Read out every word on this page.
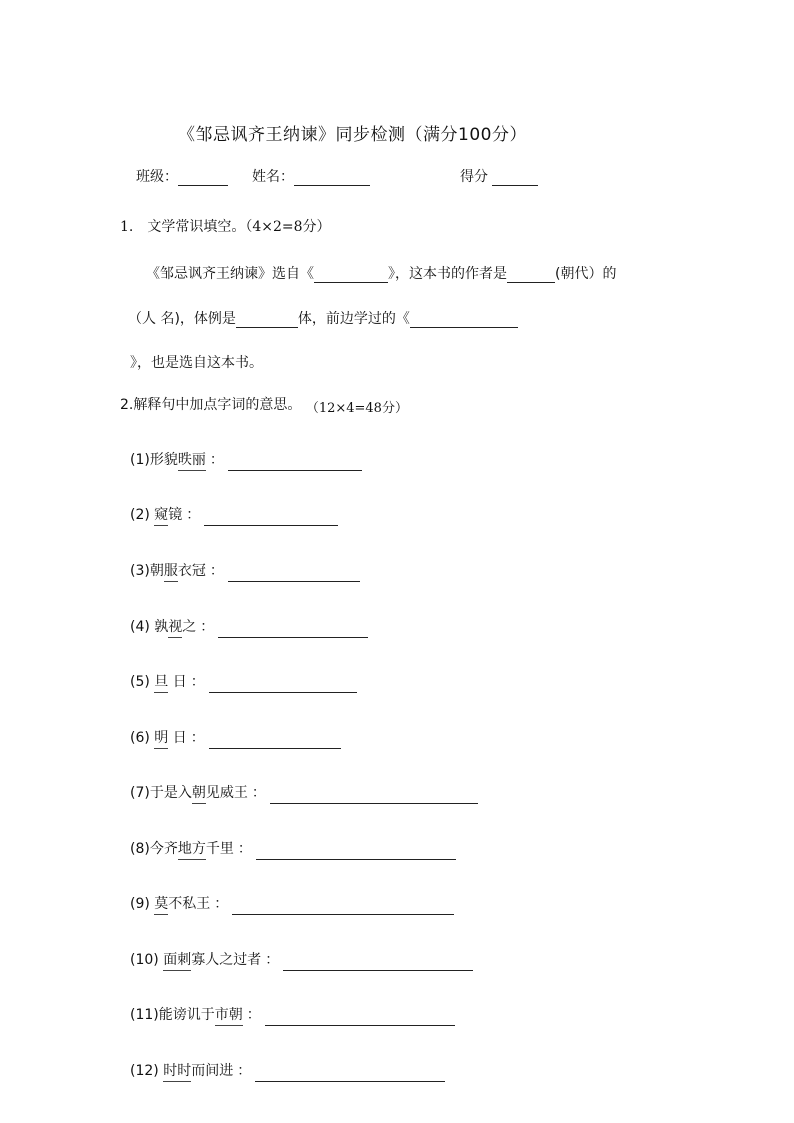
《邹忌讽齐王纳谏》同步检测（满分100分）
班级：	姓名：	得分
1.　文学常识填空。（4×2=8分）
《邹忌讽齐王纳谏》选自《	》，这本书的作者是	(朝代）的
（人 名)，体例是	体，前边学过的《
》，也是选自这本书。
2.解释句中加点字词的意思。 （12×4=48分）
(1)形貌昳丽 ：
(2) 窥镜 ：
(3)朝服衣冠 ：
(4) 孰视之 ：
(5) 旦 日 ：
(6) 明 日 ：
(7)于是入朝见威王 ：
(8)今齐地方千里 ：
(9) 莫不私王 ：
(10) 面刺寡人之过者 ：
(11)能谤讥于市朝 ：
(12) 时时而间进 ：
